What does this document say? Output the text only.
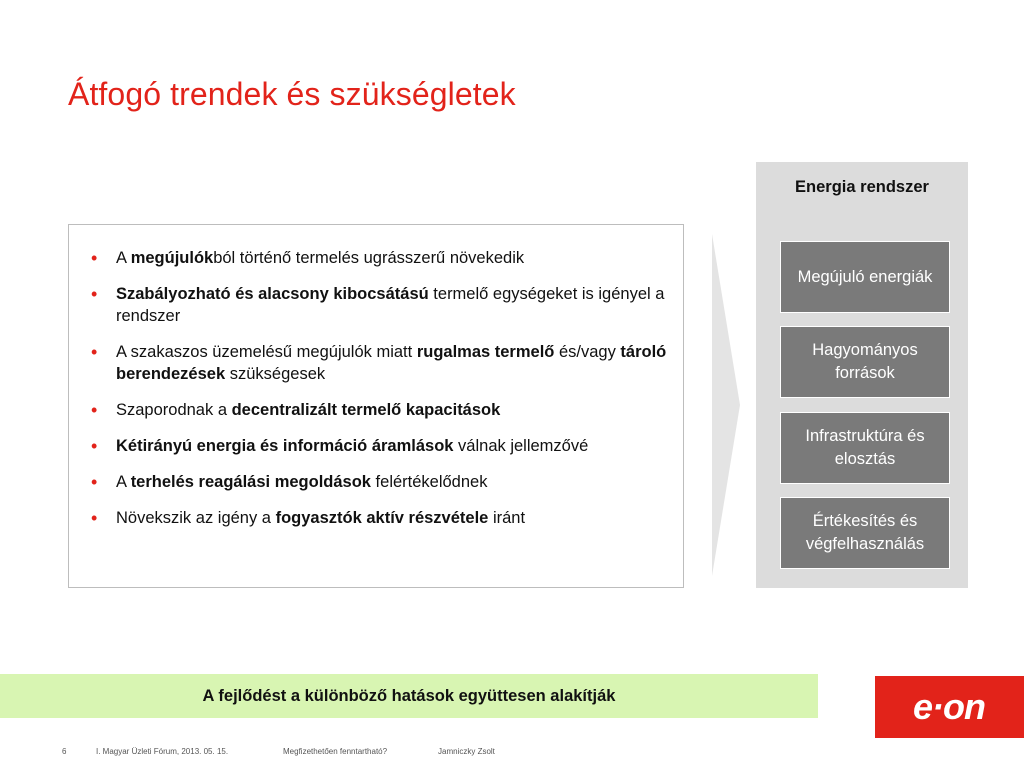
Átfogó trendek és szükségletek
• A megújulókból történő termelés ugrásszerű növekedik
• Szabályozható és alacsony kibocsátású termelő egységeket is igényel a rendszer
• A szakaszos üzemelésű megújulók miatt rugalmas termelő és/vagy tároló berendezések szükségesek
• Szaporodnak a decentralizált termelő kapacitások
• Kétirányú energia és információ áramlások válnak jellemzővé
• A terhelés reagálási megoldások felértékelődnek
• Növekszik az igény a fogyasztók aktív részvétele iránt
Energia rendszer
Megújuló energiák
Hagyományos források
Infrastruktúra és elosztás
Értékesítés és végfelhasználás
A fejlődést a különböző hatások együttesen alakítják	e·on
6	I. Magyar Üzleti Fórum, 2013. 05. 15.	Megfizethetően fenntartható?	Jamniczky Zsolt
